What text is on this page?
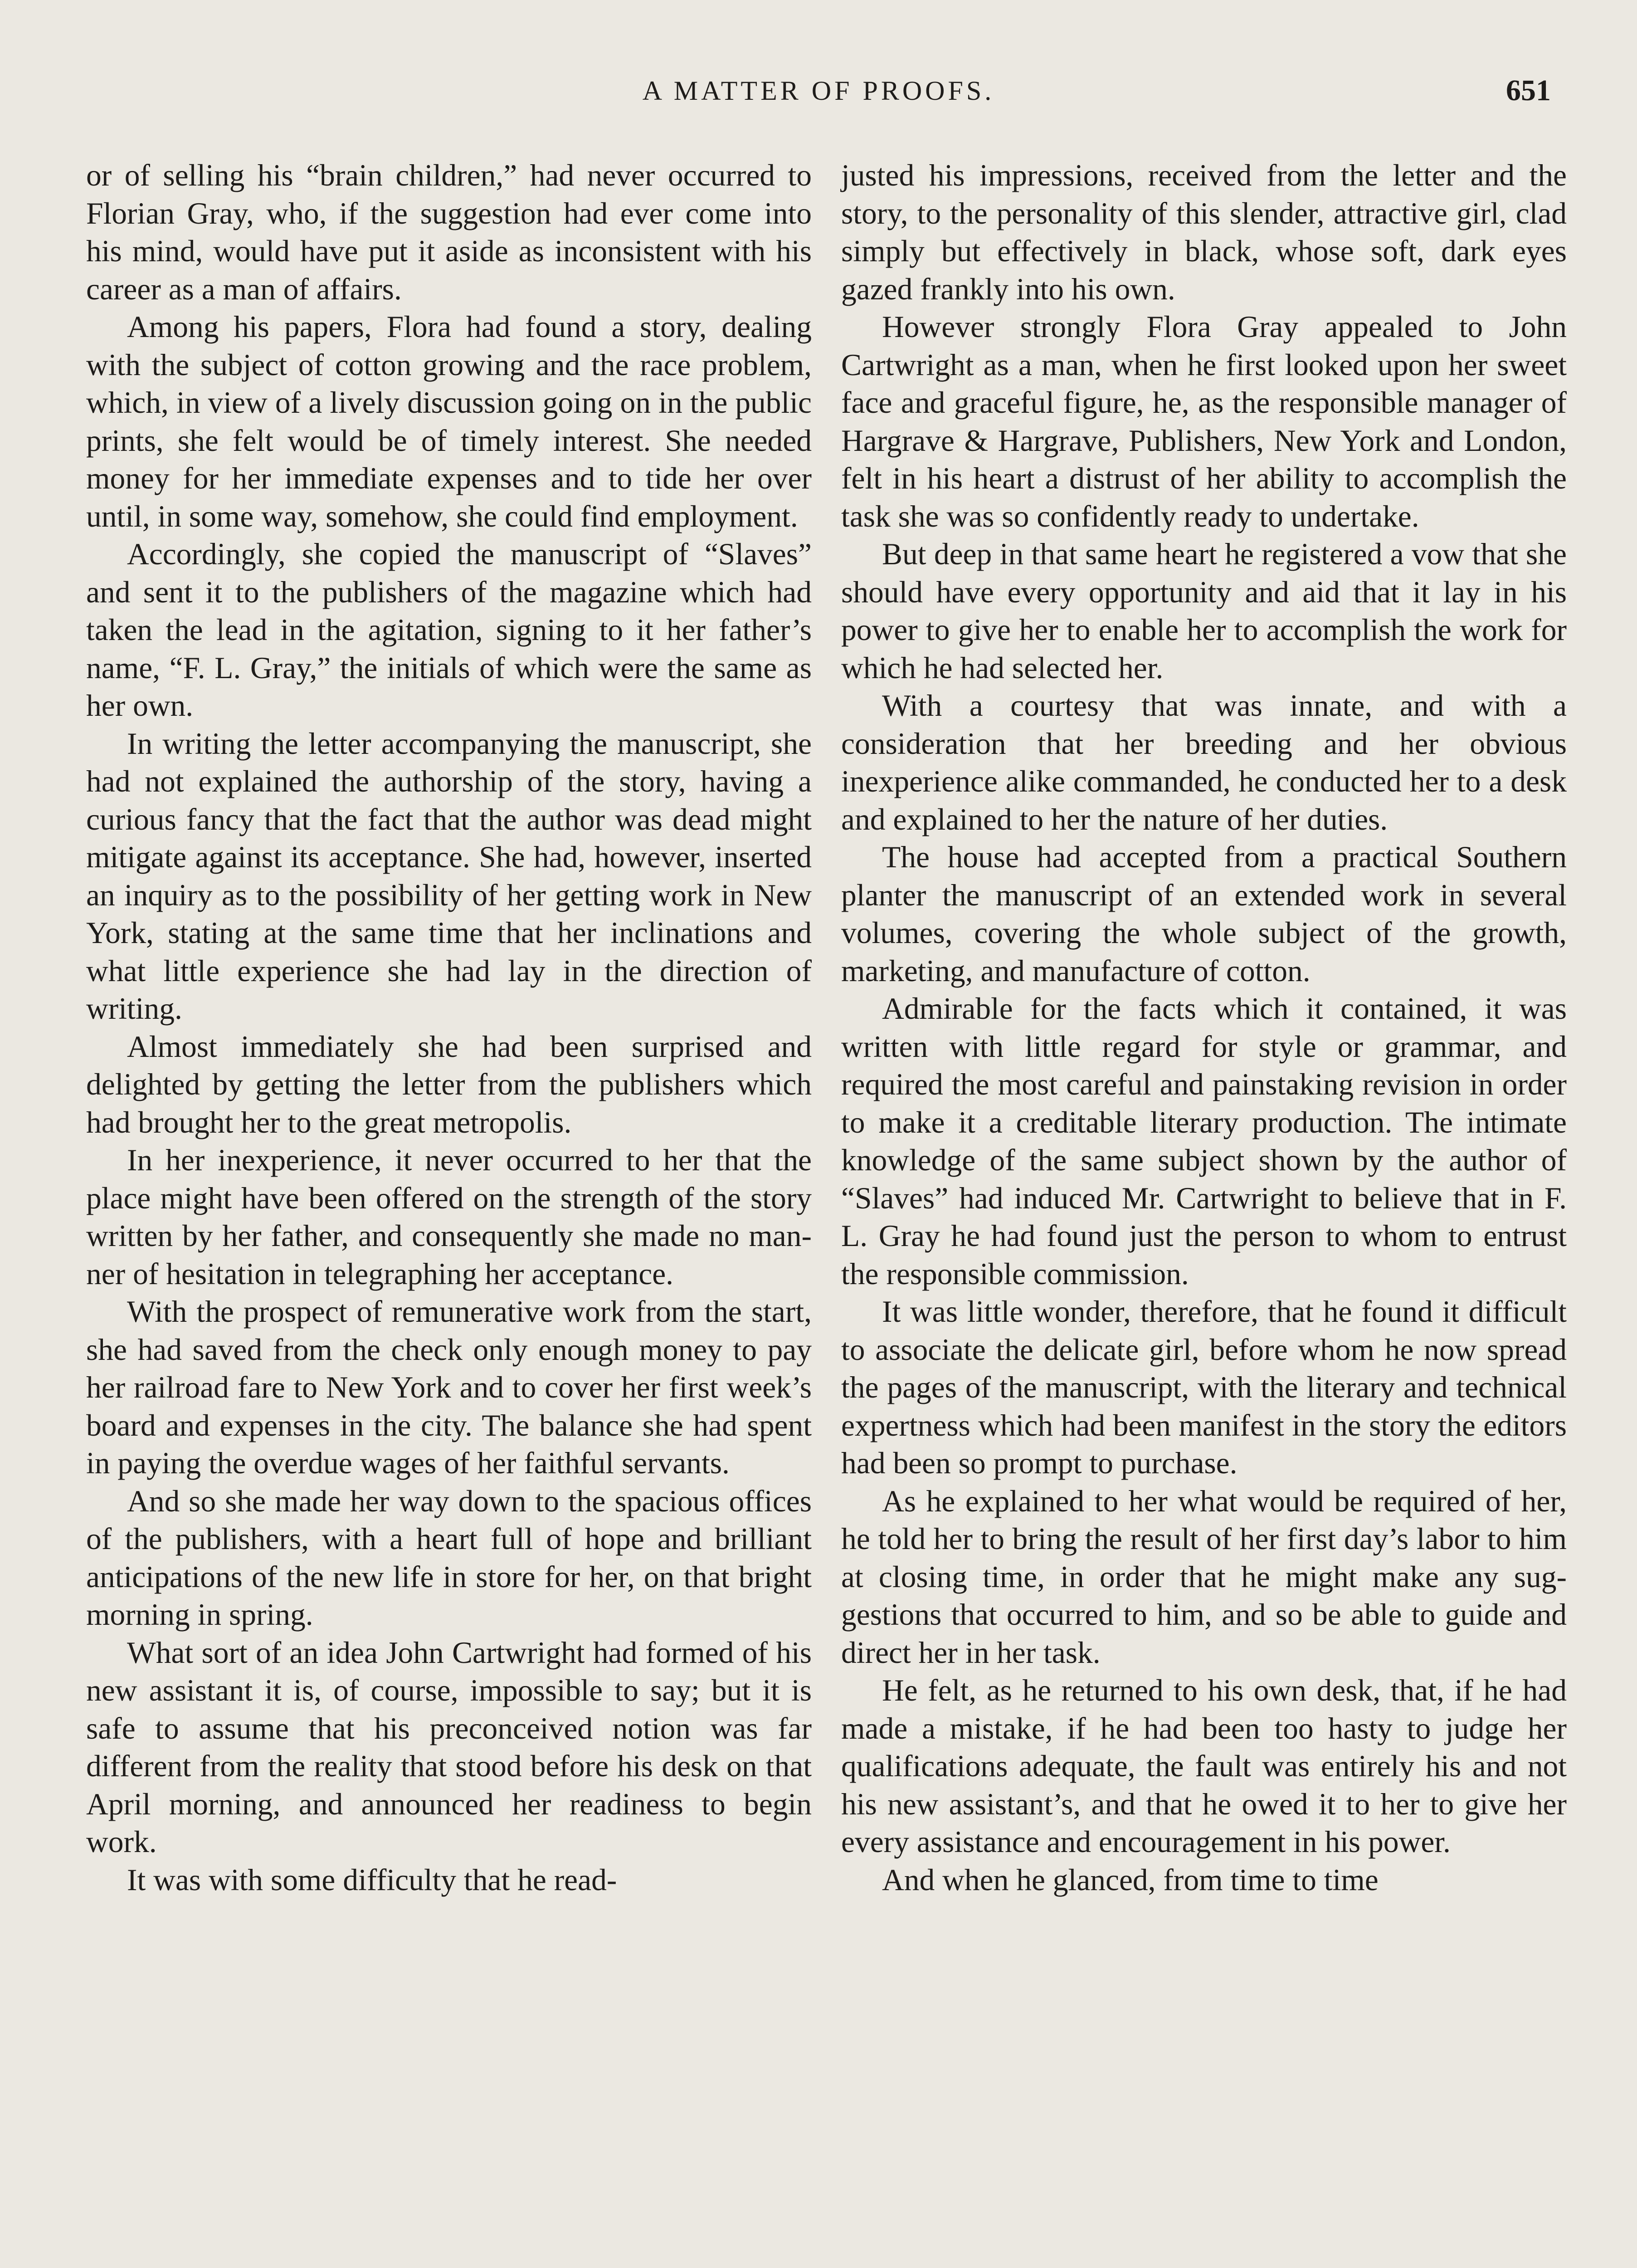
A MATTER OF PROOFS.	651

or of selling his “brain children,” had never occurred to Florian Gray, who, if the suggestion had ever come into his mind, would have put it aside as inconsistent with his career as a man of affairs.

Among his papers, Flora had found a story, dealing with the subject of cotton growing and the race problem, which, in view of a lively discussion going on in the public prints, she felt would be of timely interest. She needed money for her immediate expenses and to tide her over until, in some way, somehow, she could find employment.

Accordingly, she copied the manuscript of “Slaves” and sent it to the publishers of the magazine which had taken the lead in the agitation, signing to it her father’s name, “F. L. Gray,” the initials of which were the same as her own.

In writing the letter accompanying the manuscript, she had not explained the authorship of the story, having a curious fancy that the fact that the author was dead might mitigate against its acceptance. She had, however, inserted an inquiry as to the possibility of her getting work in New York, stating at the same time that her inclinations and what little experience she had lay in the direction of writing.

Almost immediately she had been surprised and delighted by getting the letter from the publishers which had brought her to the great metropolis.

In her inexperience, it never occurred to her that the place might have been offered on the strength of the story written by her father, and consequently she made no manner of hesitation in telegraphing her acceptance.

With the prospect of remunerative work from the start, she had saved from the check only enough money to pay her railroad fare to New York and to cover her first week’s board and expenses in the city. The balance she had spent in paying the overdue wages of her faithful servants.

And so she made her way down to the spacious offices of the publishers, with a heart full of hope and brilliant anticipations of the new life in store for her, on that bright morning in spring.

What sort of an idea John Cartwright had formed of his new assistant it is, of course, impossible to say; but it is safe to assume that his preconceived notion was far different from the reality that stood before his desk on that April morning, and announced her readiness to begin work.

It was with some difficulty that he read-

justed his impressions, received from the letter and the story, to the personality of this slender, attractive girl, clad simply but effectively in black, whose soft, dark eyes gazed frankly into his own.

However strongly Flora Gray appealed to John Cartwright as a man, when he first looked upon her sweet face and graceful figure, he, as the responsible manager of Hargrave & Hargrave, Publishers, New York and London, felt in his heart a distrust of her ability to accomplish the task she was so confidently ready to undertake.

But deep in that same heart he registered a vow that she should have every opportunity and aid that it lay in his power to give her to enable her to accomplish the work for which he had selected her.

With a courtesy that was innate, and with a consideration that her breeding and her obvious inexperience alike commanded, he conducted her to a desk and explained to her the nature of her duties.

The house had accepted from a practical Southern planter the manuscript of an extended work in several volumes, covering the whole subject of the growth, marketing, and manufacture of cotton.

Admirable for the facts which it contained, it was written with little regard for style or grammar, and required the most careful and painstaking revision in order to make it a creditable literary production. The intimate knowledge of the same subject shown by the author of “Slaves” had induced Mr. Cartwright to believe that in F. L. Gray he had found just the person to whom to entrust the responsible commission.

It was little wonder, therefore, that he found it difficult to associate the delicate girl, before whom he now spread the pages of the manuscript, with the literary and technical expertness which had been manifest in the story the editors had been so prompt to purchase.

As he explained to her what would be required of her, he told her to bring the result of her first day’s labor to him at closing time, in order that he might make any suggestions that occurred to him, and so be able to guide and direct her in her task.

He felt, as he returned to his own desk, that, if he had made a mistake, if he had been too hasty to judge her qualifications adequate, the fault was entirely his and not his new assistant’s, and that he owed it to her to give her every assistance and encouragement in his power.

And when he glanced, from time to time
